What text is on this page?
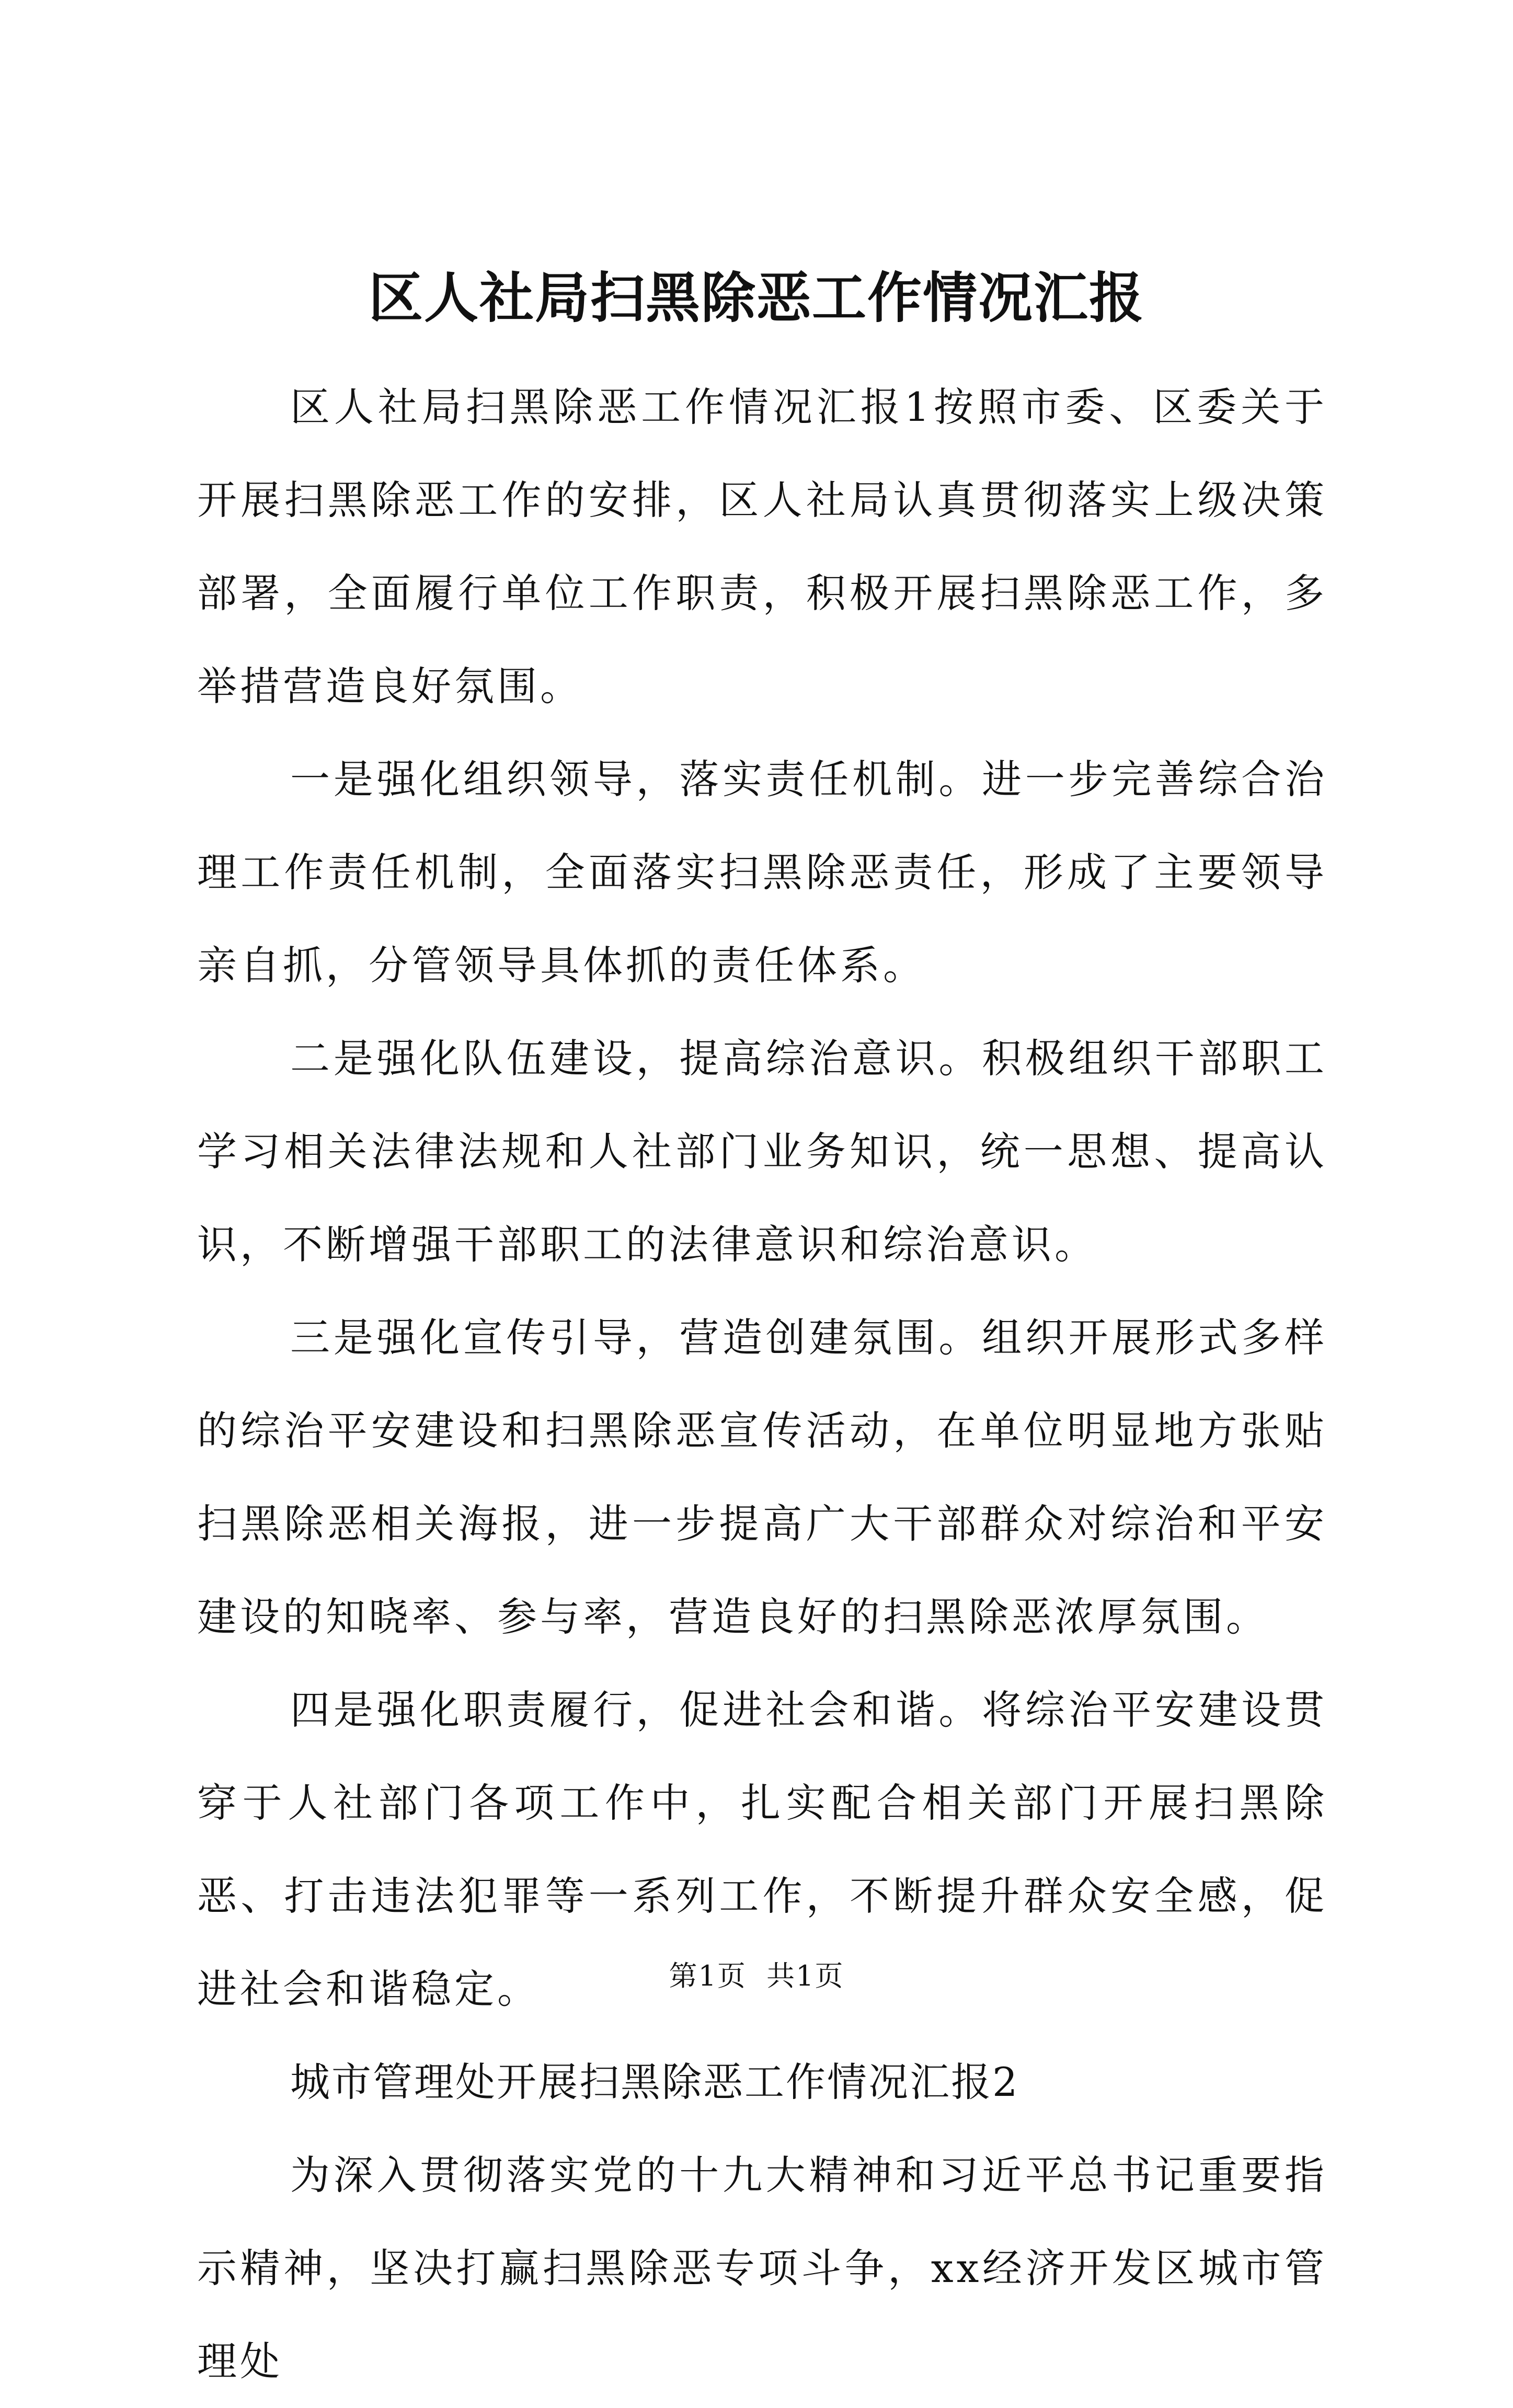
区人社局扫黑除恶工作情况汇报

区人社局扫黑除恶工作情况汇报1按照市委、区委关于开展扫黑除恶工作的安排，区人社局认真贯彻落实上级决策部署，全面履行单位工作职责，积极开展扫黑除恶工作，多举措营造良好氛围。

一是强化组织领导，落实责任机制。进一步完善综合治理工作责任机制，全面落实扫黑除恶责任，形成了主要领导亲自抓，分管领导具体抓的责任体系。

二是强化队伍建设，提高综治意识。积极组织干部职工学习相关法律法规和人社部门业务知识，统一思想、提高认识，不断增强干部职工的法律意识和综治意识。

三是强化宣传引导，营造创建氛围。组织开展形式多样的综治平安建设和扫黑除恶宣传活动，在单位明显地方张贴扫黑除恶相关海报，进一步提高广大干部群众对综治和平安建设的知晓率、参与率，营造良好的扫黑除恶浓厚氛围。

四是强化职责履行，促进社会和谐。将综治平安建设贯穿于人社部门各项工作中，扎实配合相关部门开展扫黑除恶、打击违法犯罪等一系列工作，不断提升群众安全感，促进社会和谐稳定。

城市管理处开展扫黑除恶工作情况汇报2

为深入贯彻落实党的十九大精神和习近平总书记重要指示精神，坚决打赢扫黑除恶专项斗争，xx经济开发区城市管理处

第1页  共1页
